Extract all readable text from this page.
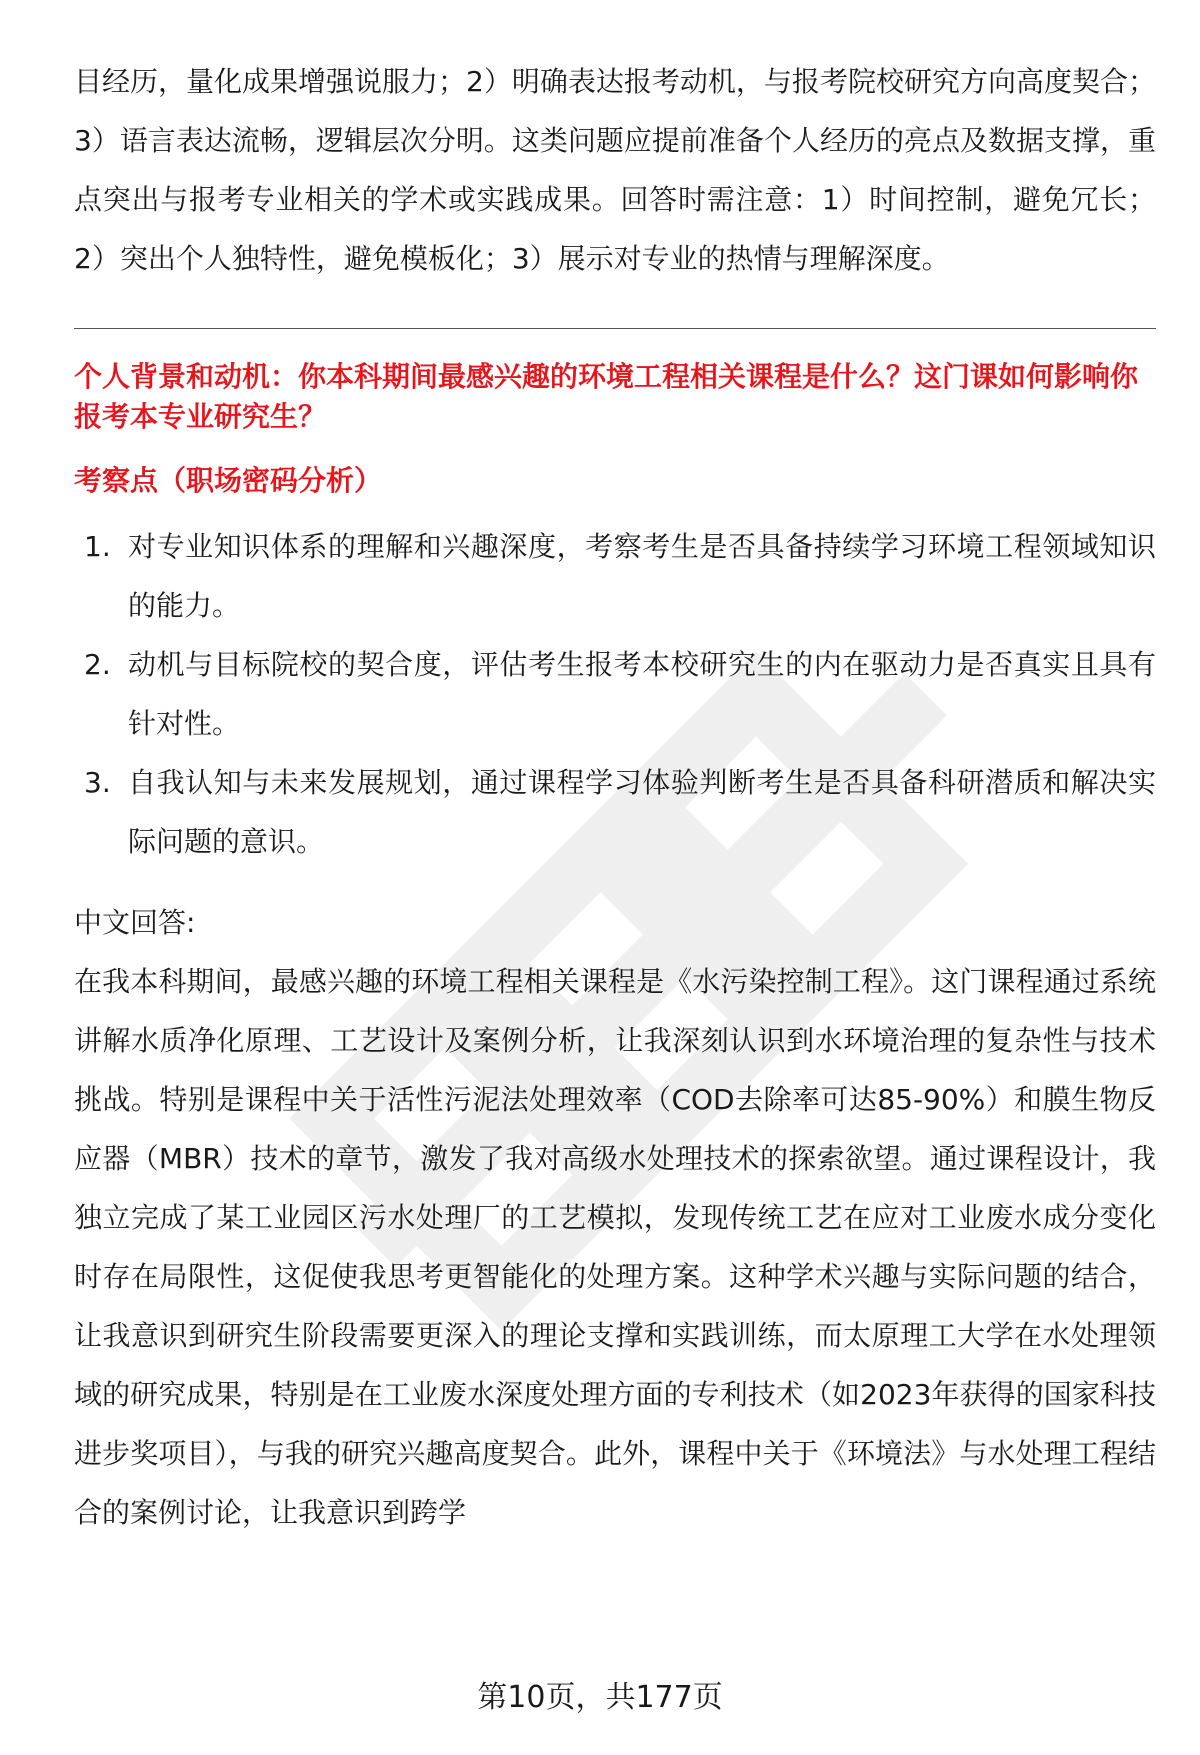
目经历，量化成果增强说服力；2）明确表达报考动机，与报考院校研究方向高度契合；3）语言表达流畅，逻辑层次分明。这类问题应提前准备个人经历的亮点及数据支撑，重点突出与报考专业相关的学术或实践成果。回答时需注意：1）时间控制，避免冗长；2）突出个人独特性，避免模板化；3）展示对专业的热情与理解深度。

个人背景和动机：你本科期间最感兴趣的环境工程相关课程是什么？这门课如何影响你报考本专业研究生？
考察点（职场密码分析）
1. 对专业知识体系的理解和兴趣深度，考察考生是否具备持续学习环境工程领域知识的能力。
2. 动机与目标院校的契合度，评估考生报考本校研究生的内在驱动力是否真实且具有针对性。
3. 自我认知与未来发展规划，通过课程学习体验判断考生是否具备科研潜质和解决实际问题的意识。

中文回答:

在我本科期间，最感兴趣的环境工程相关课程是《水污染控制工程》。这门课程通过系统讲解水质净化原理、工艺设计及案例分析，让我深刻认识到水环境治理的复杂性与技术挑战。特别是课程中关于活性污泥法处理效率（COD去除率可达85-90%）和膜生物反应器（MBR）技术的章节，激发了我对高级水处理技术的探索欲望。通过课程设计，我独立完成了某工业园区污水处理厂的工艺模拟，发现传统工艺在应对工业废水成分变化时存在局限性，这促使我思考更智能化的处理方案。这种学术兴趣与实际问题的结合，让我意识到研究生阶段需要更深入的理论支撑和实践训练，而太原理工大学在水处理领域的研究成果，特别是在工业废水深度处理方面的专利技术（如2023年获得的国家科技进步奖项目），与我的研究兴趣高度契合。此外，课程中关于《环境法》与水处理工程结合的案例讨论，让我意识到跨学

第10页，共177页
